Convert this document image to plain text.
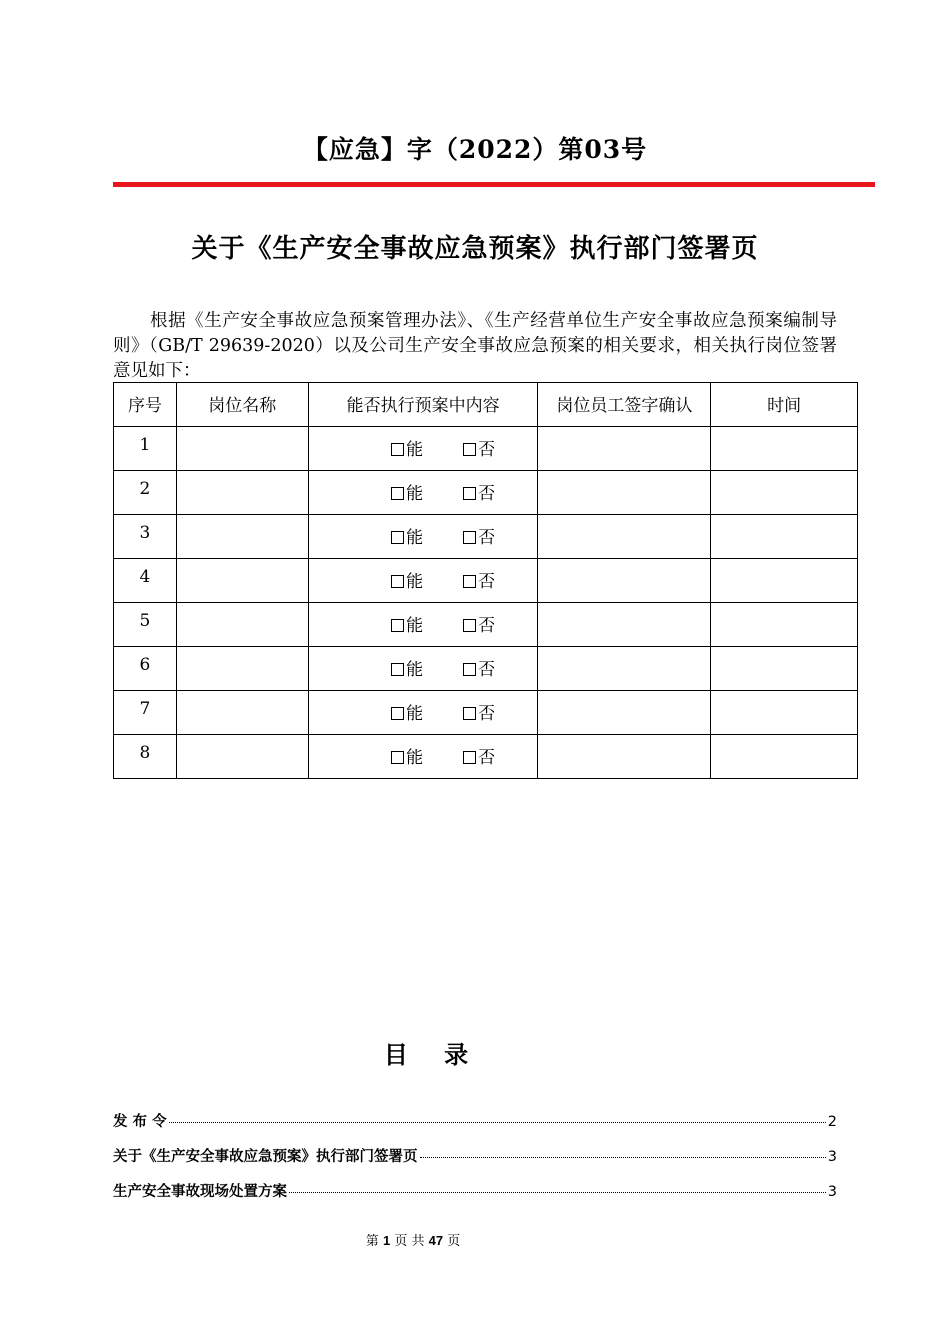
【应急】字（2022）第03号
关于《生产安全事故应急预案》执行部门签署页
根据《生产安全事故应急预案管理办法》、《生产经营单位生产安全事故应急预案编制导则》（GB/T 29639-2020）以及公司生产安全事故应急预案的相关要求，相关执行岗位签署意见如下：
序号	岗位名称	能否执行预案中内容	岗位员工签字确认	时间
1		能 否		
2		能 否		
3		能 否		
4		能 否		
5		能 否		
6		能 否		
7		能 否		
8		能 否		
目 录
发 布 令	2
关于《生产安全事故应急预案》执行部门签署页	3
生产安全事故现场处置方案	3
第 1 页 共 47 页
